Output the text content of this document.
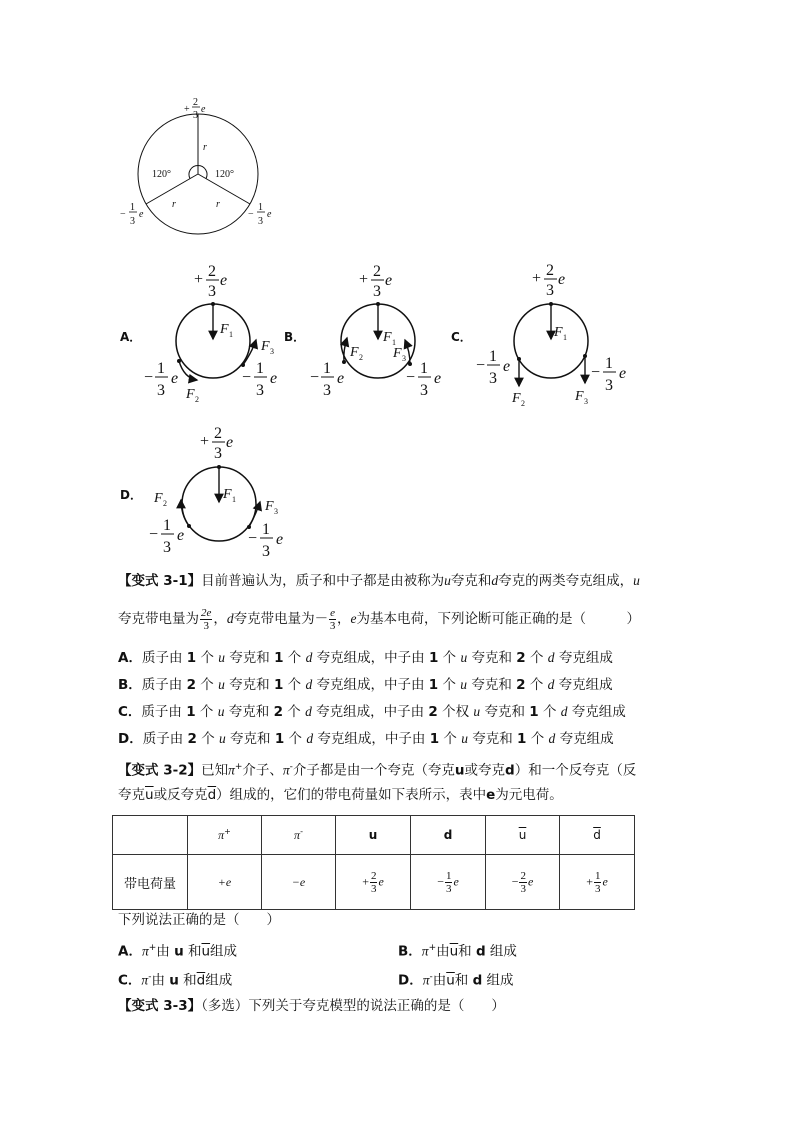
r
r	r
120°	120°
+
2
3
e
−
1
3
e	−
1
3
e
A．	F 1
F 2
F 3
+ 2
3
e
−
1
3
e	−
1
3
e
B．	F 1
F 2 F 3
+ 2
3
e
−
1
3
e	−
1
3
e
C．	F 1
F 2	F 3
+ 2
3
e
−
1
3
e	−
1
3
e
D．	F 1
F 2	F 3
+ 2
3
e
−
1
3
e	−
1
3
e
【变式 3-1】目前普遍认为，质子和中子都是由被称为u夸克和d夸克的两类夸克组成，u
夸克带电量为 $\frac{2e}{3}$ ，d夸克带电量为－ $\frac{e}{3}$ ，e为基本电荷，下列论断可能正确的是（　　　）
A．质子由 1 个 u 夸克和 1 个 d 夸克组成，中子由 1 个 u 夸克和 2 个 d 夸克组成
B．质子由 2 个 u 夸克和 1 个 d 夸克组成，中子由 1 个 u 夸克和 2 个 d 夸克组成
C．质子由 1 个 u 夸克和 2 个 d 夸克组成，中子由 2 个权 u 夸克和 1 个 d 夸克组成
D．质子由 2 个 u 夸克和 1 个 d 夸克组成，中子由 1 个 u 夸克和 1 个 d 夸克组成
【变式 3-2】已知π+介子、π-介子都是由一个夸克（夸克u或夸克d）和一个反夸克（反
夸克$\overline{u}$或反夸克$\overline{d}$）组成的，它们的带电荷量如下表所示，表中e为元电荷。
	π+	π-	u	d	$\overline{u}$	$\overline{d}$
带电荷量	+e	−e	+ $\frac{2}{3}$ e	− $\frac{1}{3}$ e	− $\frac{2}{3}$ e	+ $\frac{1}{3}$ e
下列说法正确的是（　　）
A．π+由 u 和$\overline{u}$组成	B．π+由$\overline{u}$和 d 组成
C．π-由 u 和$\overline{d}$组成	D．π-由$\overline{u}$和 d 组成
【变式 3-3】（多选）下列关于夸克模型的说法正确的是（　　）
